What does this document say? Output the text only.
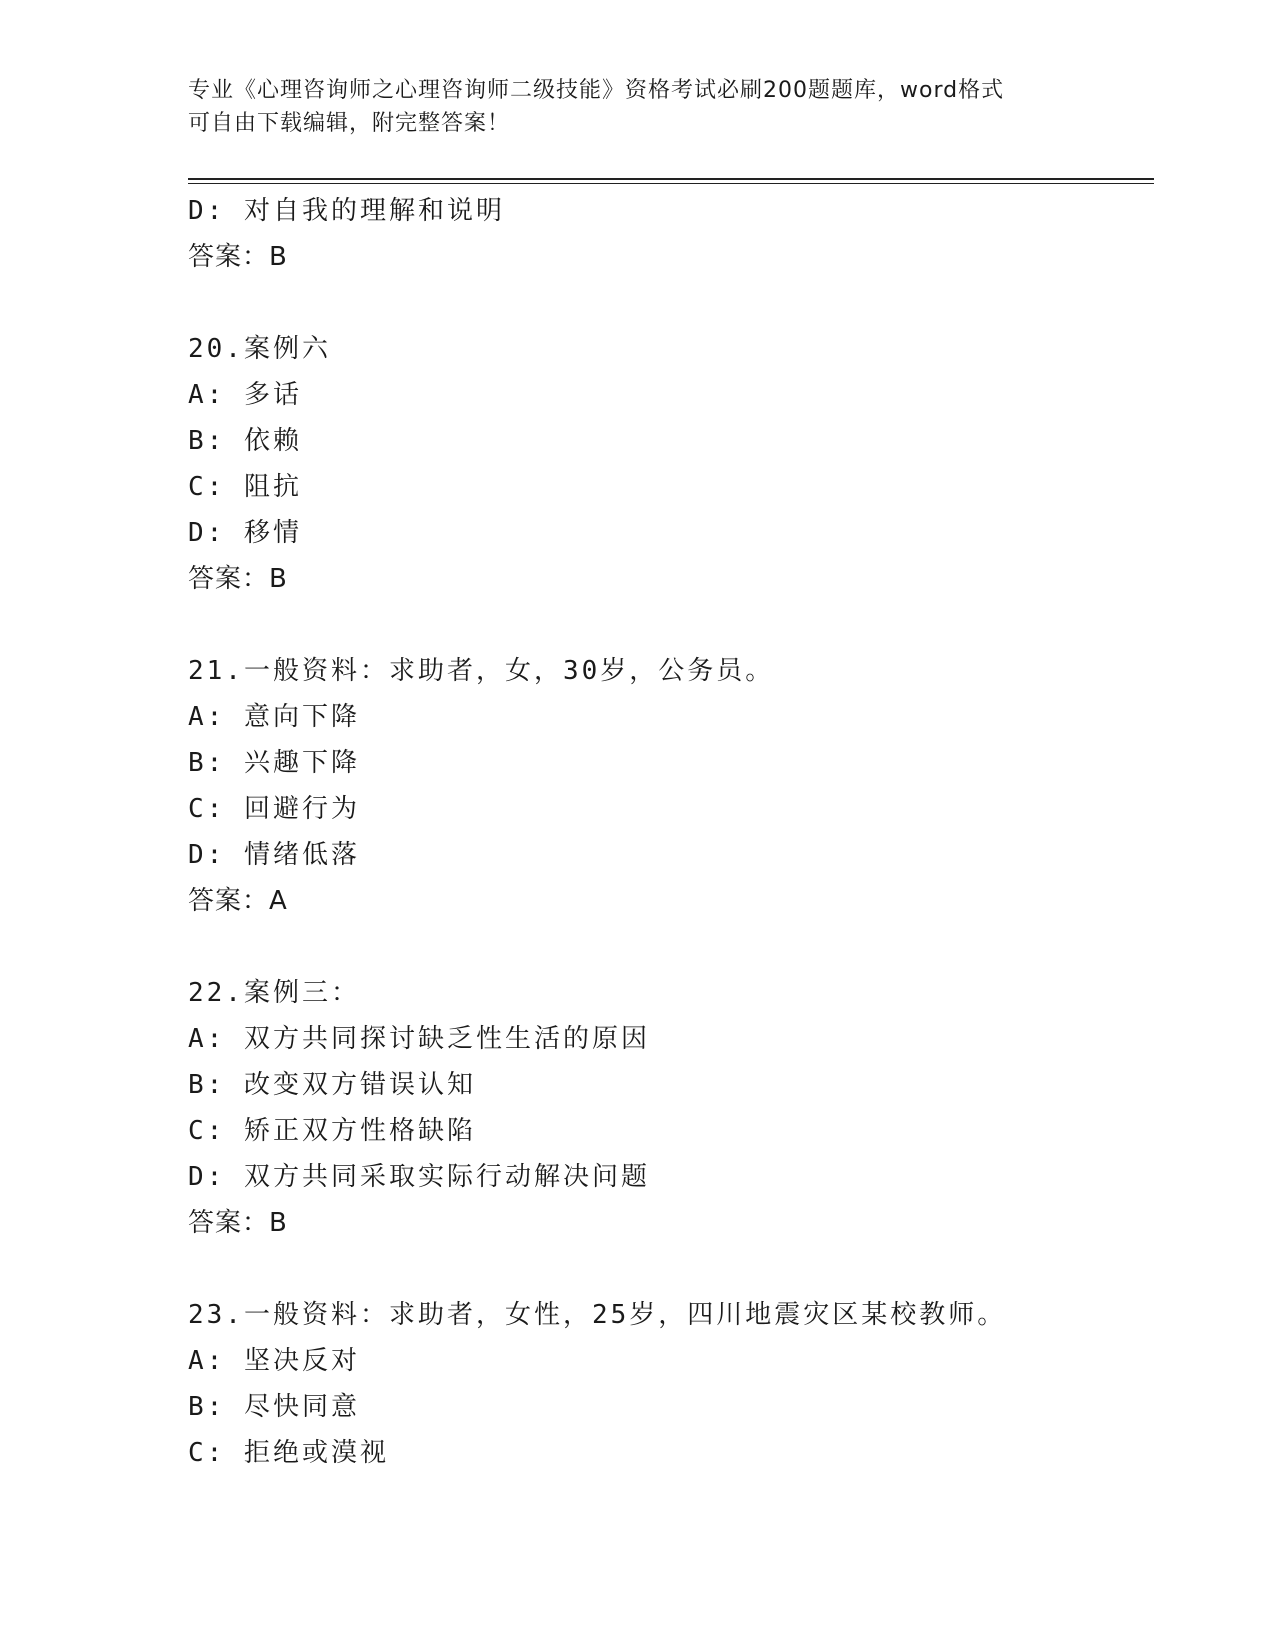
专业《心理咨询师之心理咨询师二级技能》资格考试必刷200题题库，word格式
可自由下载编辑，附完整答案！
D: 对自我的理解和说明
答案：B
20.案例六
A: 多话
B: 依赖
C: 阻抗
D: 移情
答案：B
21.一般资料：求助者，女，30岁，公务员。
A: 意向下降
B: 兴趣下降
C: 回避行为
D: 情绪低落
答案：A
22.案例三：
A: 双方共同探讨缺乏性生活的原因
B: 改变双方错误认知
C: 矫正双方性格缺陷
D: 双方共同采取实际行动解决问题
答案：B
23.一般资料：求助者，女性，25岁，四川地震灾区某校教师。
A: 坚决反对
B: 尽快同意
C: 拒绝或漠视
